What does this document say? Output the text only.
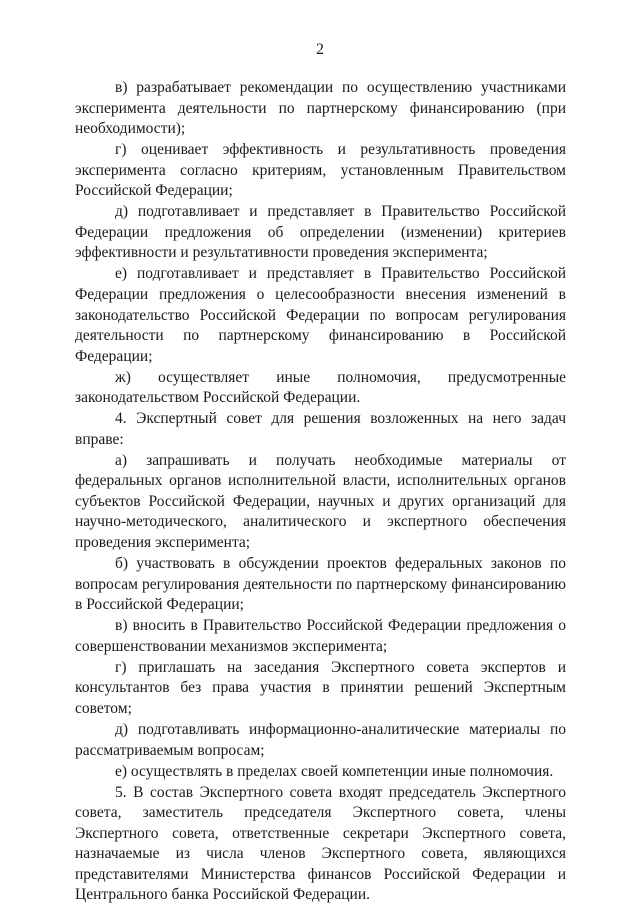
2

в) разрабатывает рекомендации по осуществлению участниками эксперимента деятельности по партнерскому финансированию (при необходимости);

г) оценивает эффективность и результативность проведения эксперимента согласно критериям, установленным Правительством Российской Федерации;

д) подготавливает и представляет в Правительство Российской Федерации предложения об определении (изменении) критериев эффективности и результативности проведения эксперимента;

е) подготавливает и представляет в Правительство Российской Федерации предложения о целесообразности внесения изменений в законодательство Российской Федерации по вопросам регулирования деятельности по партнерскому финансированию в Российской Федерации;

ж) осуществляет иные полномочия, предусмотренные законодательством Российской Федерации.

4. Экспертный совет для решения возложенных на него задач вправе:

а) запрашивать и получать необходимые материалы от федеральных органов исполнительной власти, исполнительных органов субъектов Российской Федерации, научных и других организаций для научно-методического, аналитического и экспертного обеспечения проведения эксперимента;

б) участвовать в обсуждении проектов федеральных законов по вопросам регулирования деятельности по партнерскому финансированию в Российской Федерации;

в) вносить в Правительство Российской Федерации предложения о совершенствовании механизмов эксперимента;

г) приглашать на заседания Экспертного совета экспертов и консультантов без права участия в принятии решений Экспертным советом;

д) подготавливать информационно-аналитические материалы по рассматриваемым вопросам;

е) осуществлять в пределах своей компетенции иные полномочия.

5. В состав Экспертного совета входят председатель Экспертного совета, заместитель председателя Экспертного совета, члены Экспертного совета, ответственные секретари Экспертного совета, назначаемые из числа членов Экспертного совета, являющихся представителями Министерства финансов Российской Федерации и Центрального банка Российской Федерации.
